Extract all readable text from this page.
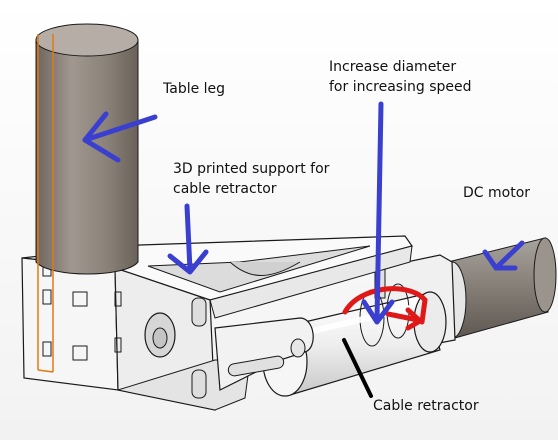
Table leg
Increase diameter
for increasing speed
3D printed support for
cable retractor	DC motor
Cable retractor
